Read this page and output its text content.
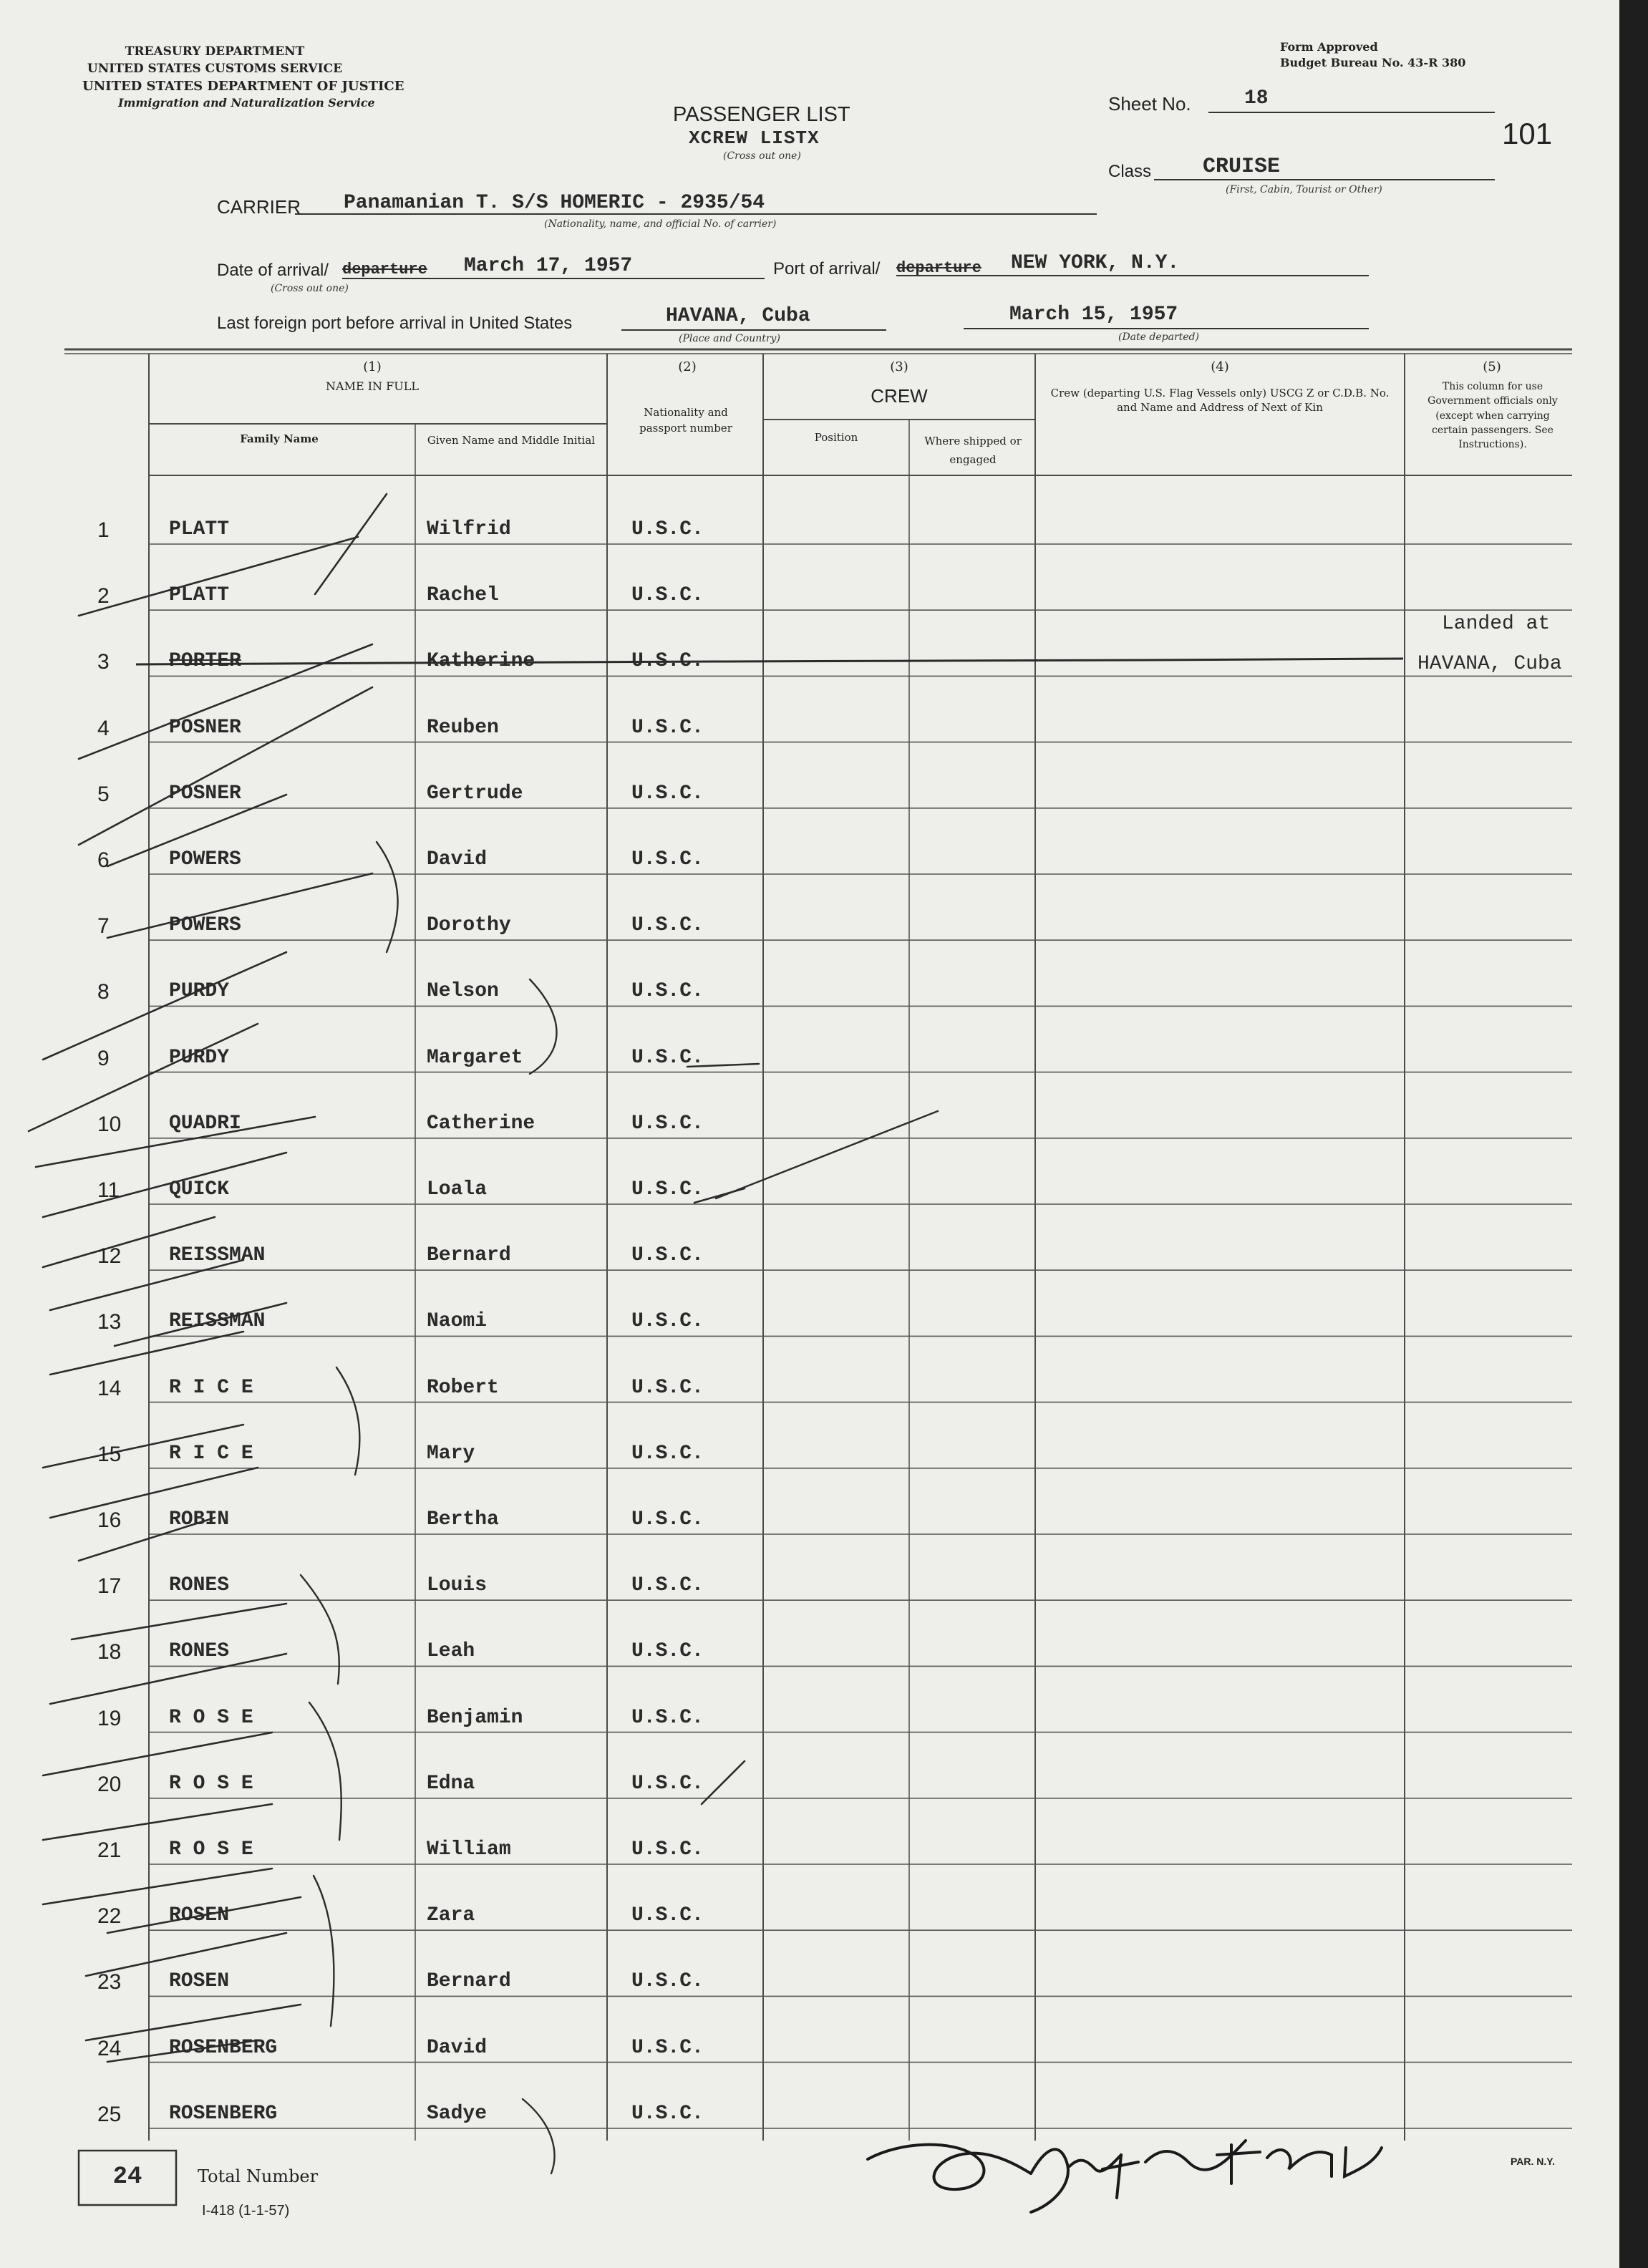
TREASURY DEPARTMENT
UNITED STATES CUSTOMS SERVICE
UNITED STATES DEPARTMENT OF JUSTICE
Immigration and Naturalization Service
Form Approved
Budget Bureau No. 43-R 380
PASSENGER LIST
XCREW LISTX
(Cross out one)
Sheet No.	18
101
Class CRUISE
(First, Cabin, Tourist or Other)
CARRIER Panamanian T. S/S HOMERIC - 2935/54
(Nationality, name, and official No. of carrier)
Date of arrival/ departure March 17, 1957
(Cross out one)
Port of arrival/ departure NEW YORK, N.Y.
Last foreign port before arrival in United States	HAVANA, Cuba
(Place and Country)
March 15, 1957
(Date departed)
(1)
NAME IN FULL
Family Name	Given Name and Middle Initial
(2)
Nationality and passport number
(3)
CREW
Position	Where shipped or engaged
(4)
Crew (departing U.S. Flag Vessels only) USCG Z or C.D.B. No. and Name and Address of Next of Kin
(5)
This column for use Government officials only (except when carrying certain passengers. See Instructions).
1	PLATT	Wilfrid	U.S.C.
2	PLATT	Rachel	U.S.C.
3	PORTER	Katherine	U.S.C.
4	POSNER	Reuben	U.S.C.
5	POSNER	Gertrude	U.S.C.
6	POWERS	David	U.S.C.
7	POWERS	Dorothy	U.S.C.
8	PURDY	Nelson	U.S.C.
9	PURDY	Margaret	U.S.C.
10 QUADRI	Catherine	U.S.C.
11 QUICK	Loala	U.S.C.
12 REISSMAN	Bernard	U.S.C.
13 REISSMAN	Naomi	U.S.C.
14 R I C E	Robert	U.S.C.
15 R I C E	Mary	U.S.C.
16 ROBIN	Bertha	U.S.C.
17 RONES	Louis	U.S.C.
18 RONES	Leah	U.S.C.
19 R O S E	Benjamin	U.S.C.
20 R O S E	Edna	U.S.C.
21 R O S E	William	U.S.C.
22 ROSEN	Zara	U.S.C.
23 ROSEN	Bernard	U.S.C.
24 ROSENBERG	David	U.S.C.
25 ROSENBERG	Sadye	U.S.C.
Landed at
HAVANA, Cuba
24	Total Number
I-418 (1-1-57)
PAR. N.Y.
